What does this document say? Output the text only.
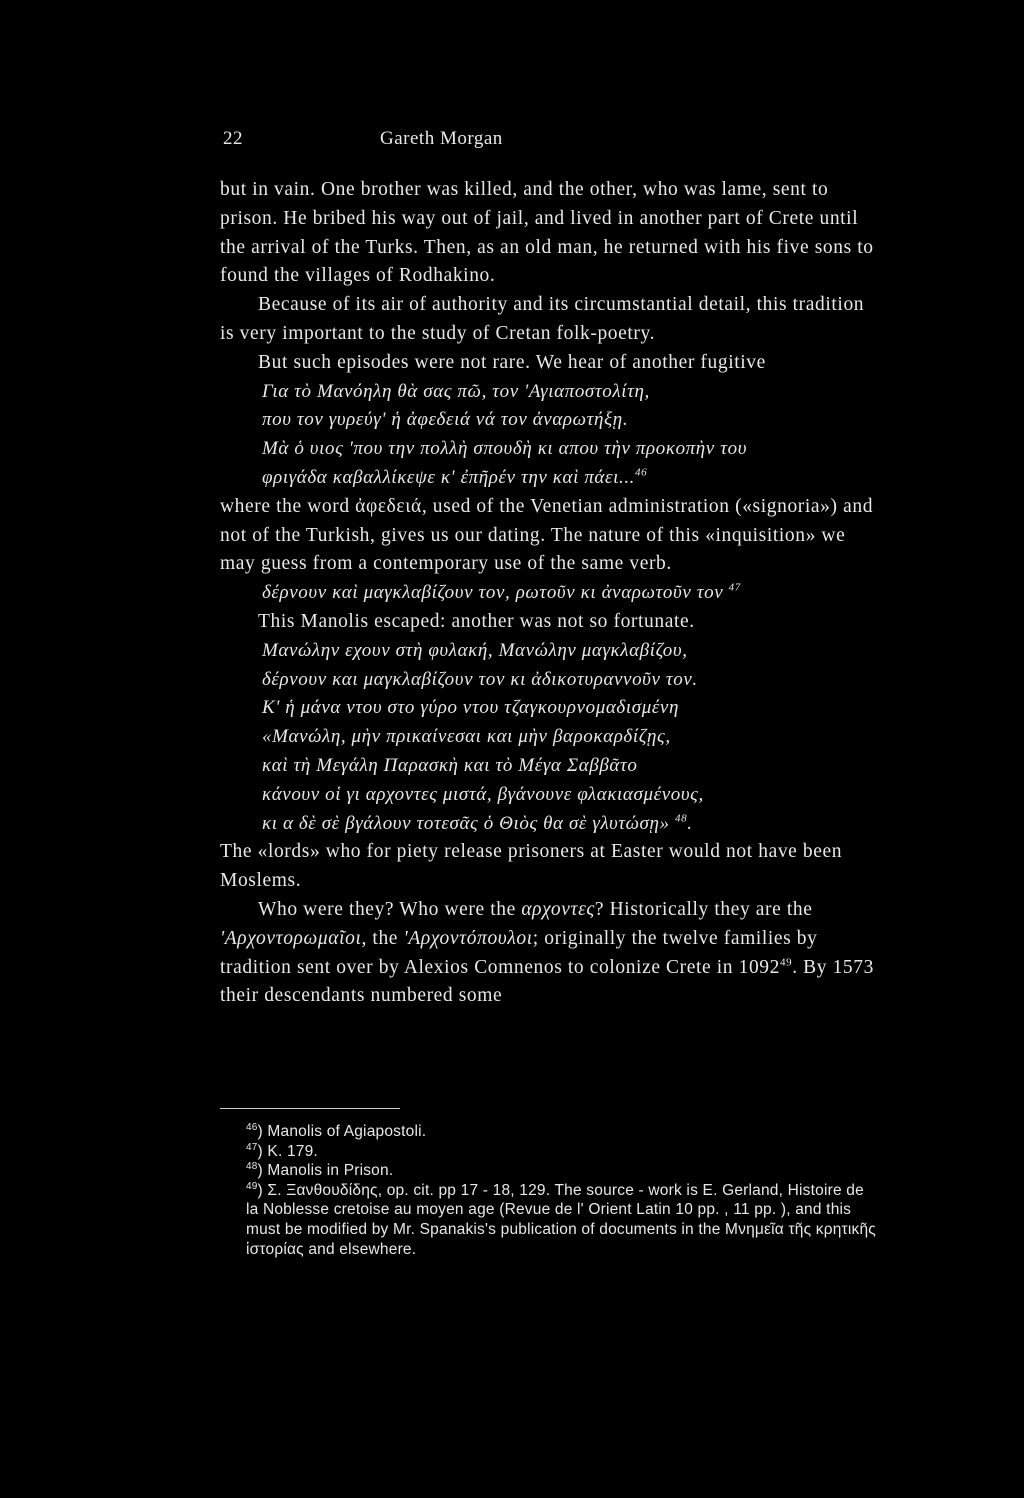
22	Gareth Morgan

but in vain. One brother was killed, and the other, who was lame, sent to prison. He bribed his way out of jail, and lived in another part of Crete until the arrival of the Turks. Then, as an old man, he returned with his five sons to found the villages of Rodhakino.

Because of its air of authority and its circumstantial detail, this tradition is very important to the study of Cretan folk-poetry.

But such episodes were not rare. We hear of another fugitive

Για τὸ Μανόηλη θὰ σας πῶ, τον 'Αγιαποστολίτη,
που τον γυρεύγ' ἡ ἀφεδειά νά τον ἀναρωτήξῃ.
Μὰ ὁ υιος 'που την πολλὴ σπουδὴ κι απου τὴν προκοπὴν του
φριγάδα καβαλλίκεψε κ' ἐπῆρέν την καὶ πάει...$^{46}$

where the word ἀφεδειά, used of the Venetian administration («signoria») and not of the Turkish, gives us our dating. The nature of this «inquisition» we may guess from a contemporary use of the same verb.

δέρνουν καὶ μαγκλαβίζουν τον, ρωτοῦν κι ἀναρωτοῦν τον $^{47}$

This Manolis escaped: another was not so fortunate.

Μανώλην εχουν στὴ φυλακή, Μανώλην μαγκλαβίζου,
δέρνουν και μαγκλαβίζουν τον κι ἀδικοτυραννοῦν τον.
Κ' ἡ μάνα ντου στο γύρο ντου τζαγκουρνομαδισμένη
«Μανώλη, μὴν πρικαίνεσαι και μὴν βαροκαρδίζῃς,
καὶ τὴ Μεγάλη Παρασκὴ και τὸ Μέγα Σαββᾶτο
κάνουν οἱ γι αρχοντες μιστά, βγάνουνε φλακιασμένους,
κι α δὲ σὲ βγάλουν τοτεσᾶς ὁ Θιὸς θα σὲ γλυτώσῃ» $^{48}$.

The «lords» who for piety release prisoners at Easter would not have been Moslems.

Who were they? Who were the αρχοντες? Historically they are the 'Αρχοντορωμαῖοι, the 'Αρχοντόπουλοι; originally the twelve families by tradition sent over by Alexios Comnenos to colonize Crete in 1092$^{49}$. By 1573 their descendants numbered some

$^{46}$) Manolis of Agiapostoli.

$^{47}$) K. 179.

$^{48}$) Manolis in Prison.

$^{49}$) Σ. Ξανθουδίδης, op. cit. pp 17 - 18, 129. The source - work is E. Gerland, Histoire de la Noblesse cretoise au moyen age (Revue de l' Orient Latin 10 pp. , 11 pp. ), and this must be modified by Mr. Spanakis's publication of documents in the Μνημεῖα τῆς κρητικῆς ἱστορίας and elsewhere.
